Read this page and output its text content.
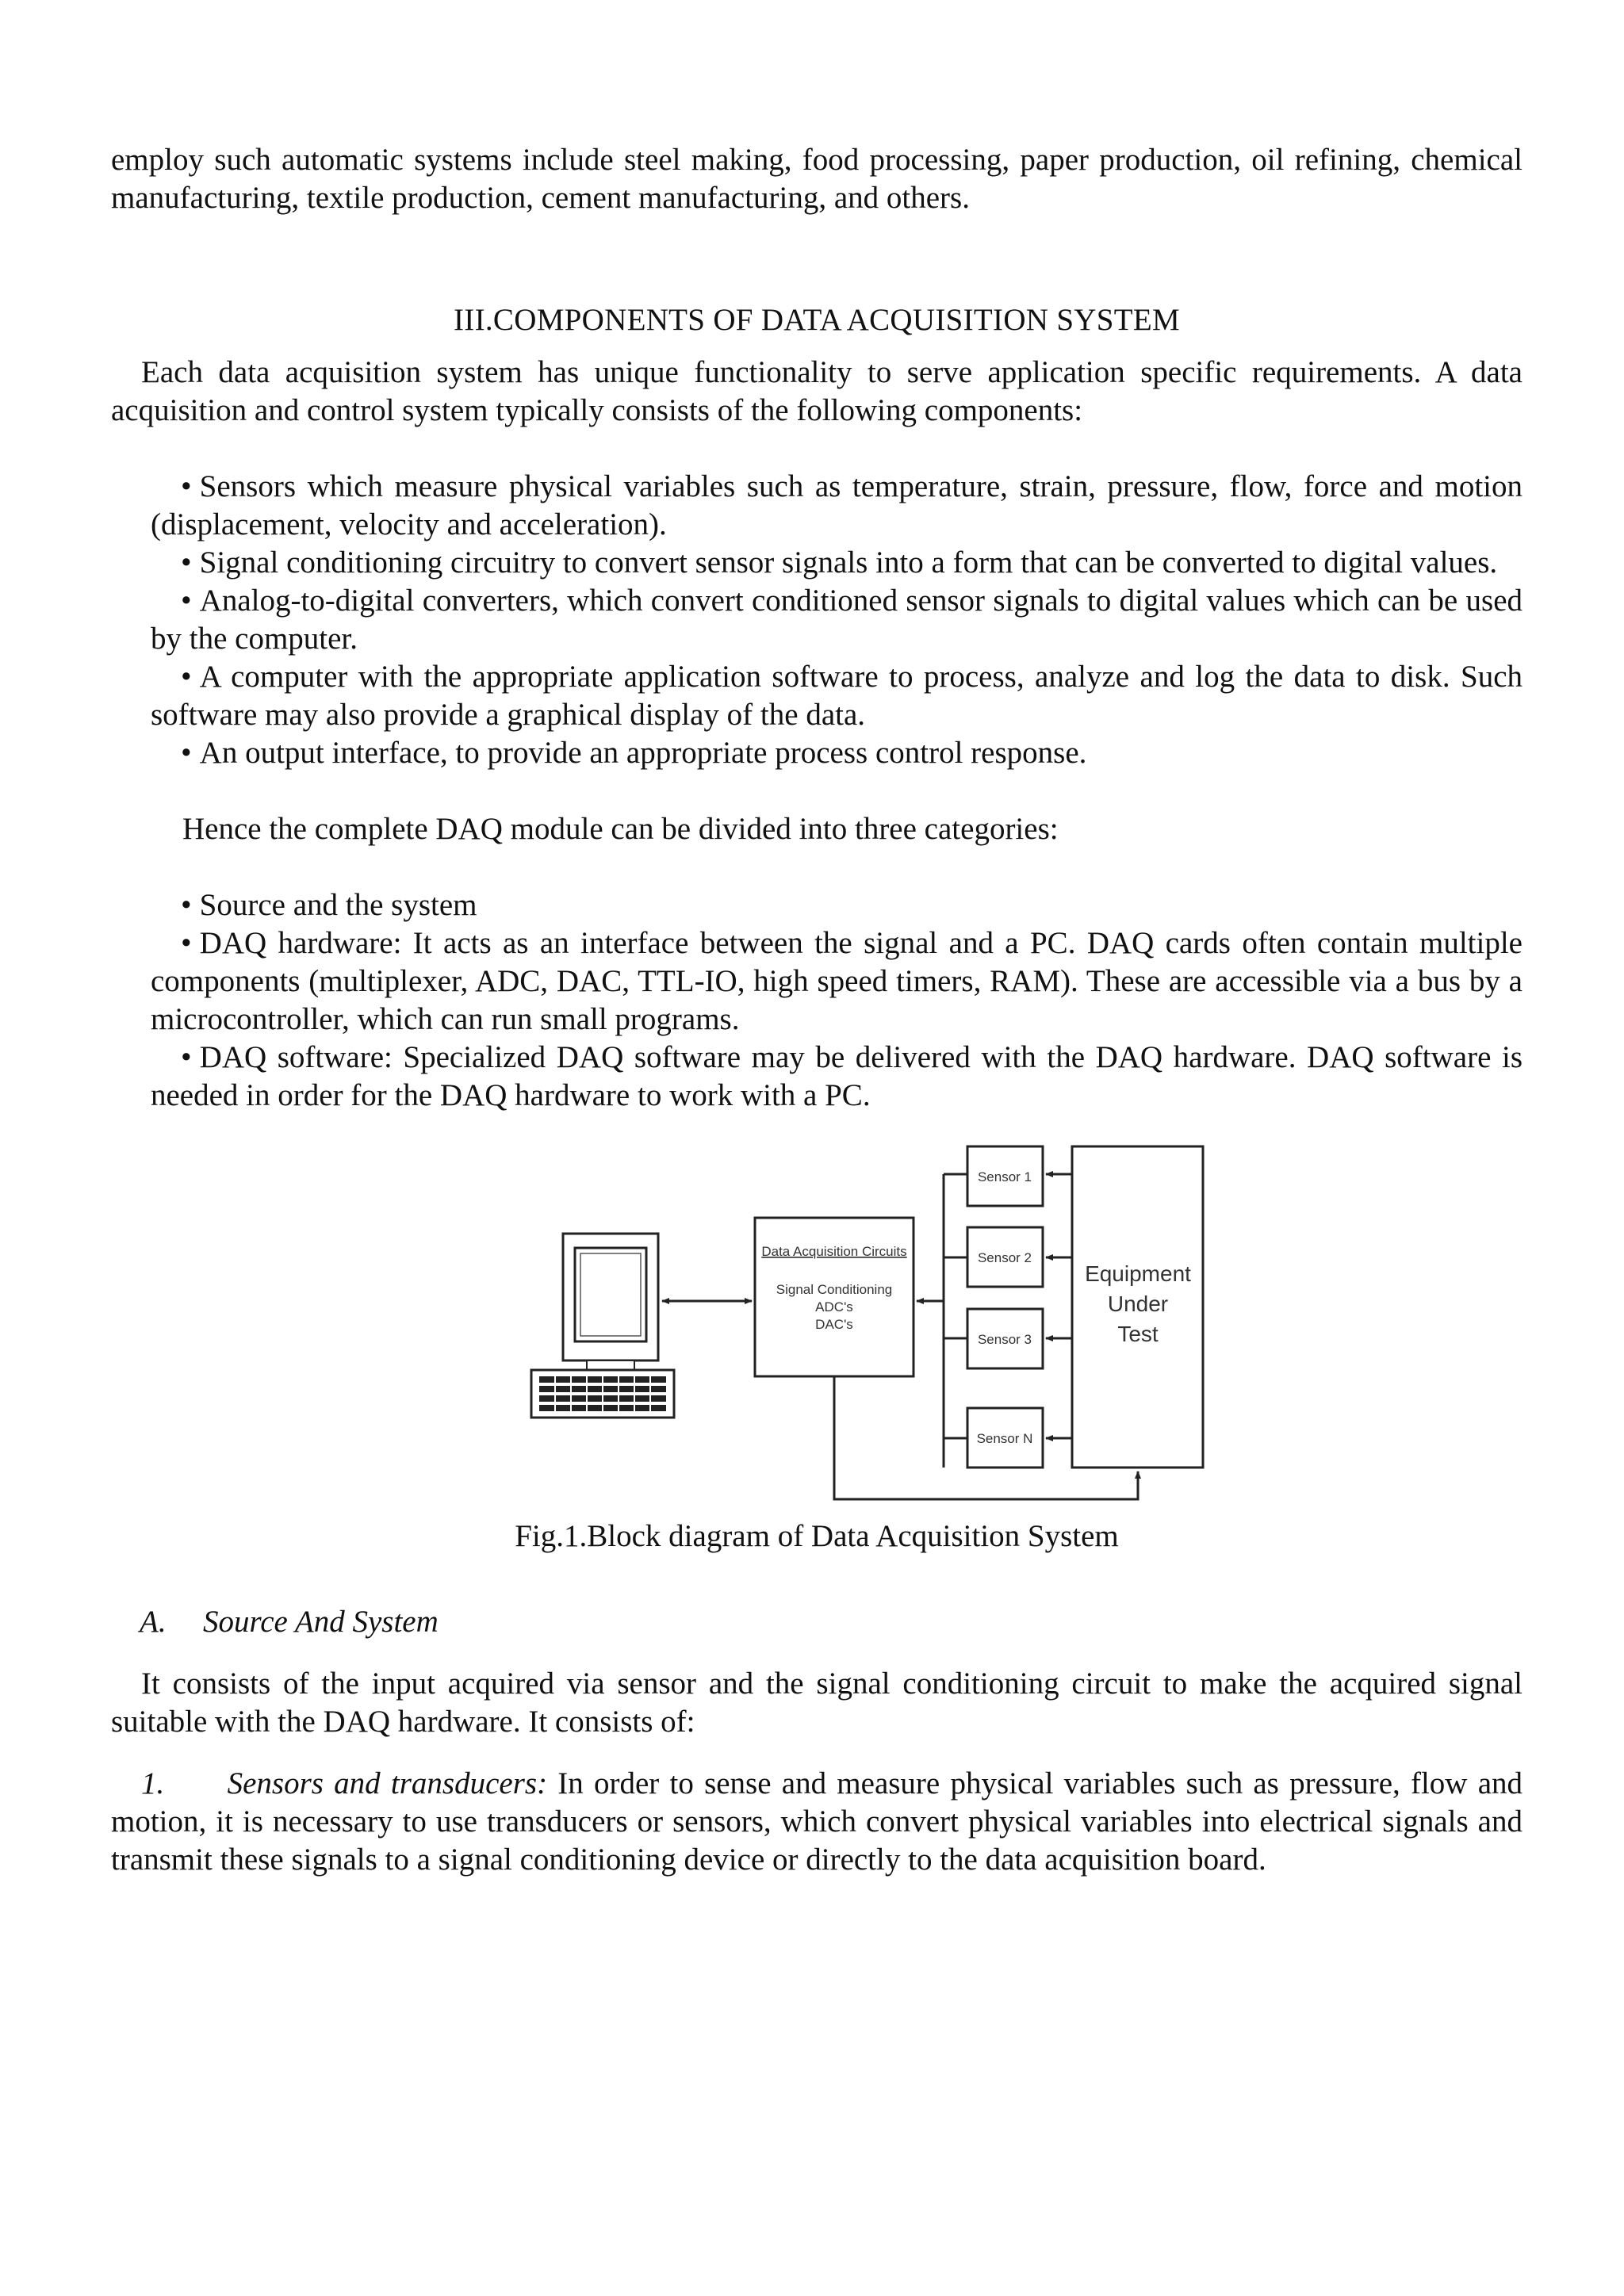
employ such automatic systems include steel making, food processing, paper production, oil refining, chemical manufacturing, textile production, cement manufacturing, and others.

III.COMPONENTS OF DATA ACQUISITION SYSTEM

Each data acquisition system has unique functionality to serve application specific requirements. A data acquisition and control system typically consists of the following components:

• Sensors which measure physical variables such as temperature, strain, pressure, flow, force and motion (displacement, velocity and acceleration).
• Signal conditioning circuitry to convert sensor signals into a form that can be converted to digital values.
• Analog-to-digital converters, which convert conditioned sensor signals to digital values which can be used by the computer.
• A computer with the appropriate application software to process, analyze and log the data to disk. Such software may also provide a graphical display of the data.
• An output interface, to provide an appropriate process control response.

Hence the complete DAQ module can be divided into three categories:

• Source and the system
• DAQ hardware: It acts as an interface between the signal and a PC. DAQ cards often contain multiple components (multiplexer, ADC, DAC, TTL-IO, high speed timers, RAM). These are accessible via a bus by a microcontroller, which can run small programs.
• DAQ software: Specialized DAQ software may be delivered with the DAQ hardware. DAQ software is needed in order for the DAQ hardware to work with a PC.
Data Acquisition Circuits
Signal Conditioning
ADC's
DAC's
Sensor 1
Sensor 2
Sensor 3
Sensor N
Equipment
Under
Test
Fig.1.Block diagram of Data Acquisition System
A. Source And System

It consists of the input acquired via sensor and the signal conditioning circuit to make the acquired signal suitable with the DAQ hardware. It consists of:

1. Sensors and transducers: In order to sense and measure physical variables such as pressure, flow and motion, it is necessary to use transducers or sensors, which convert physical variables into electrical signals and transmit these signals to a signal conditioning device or directly to the data acquisition board.
